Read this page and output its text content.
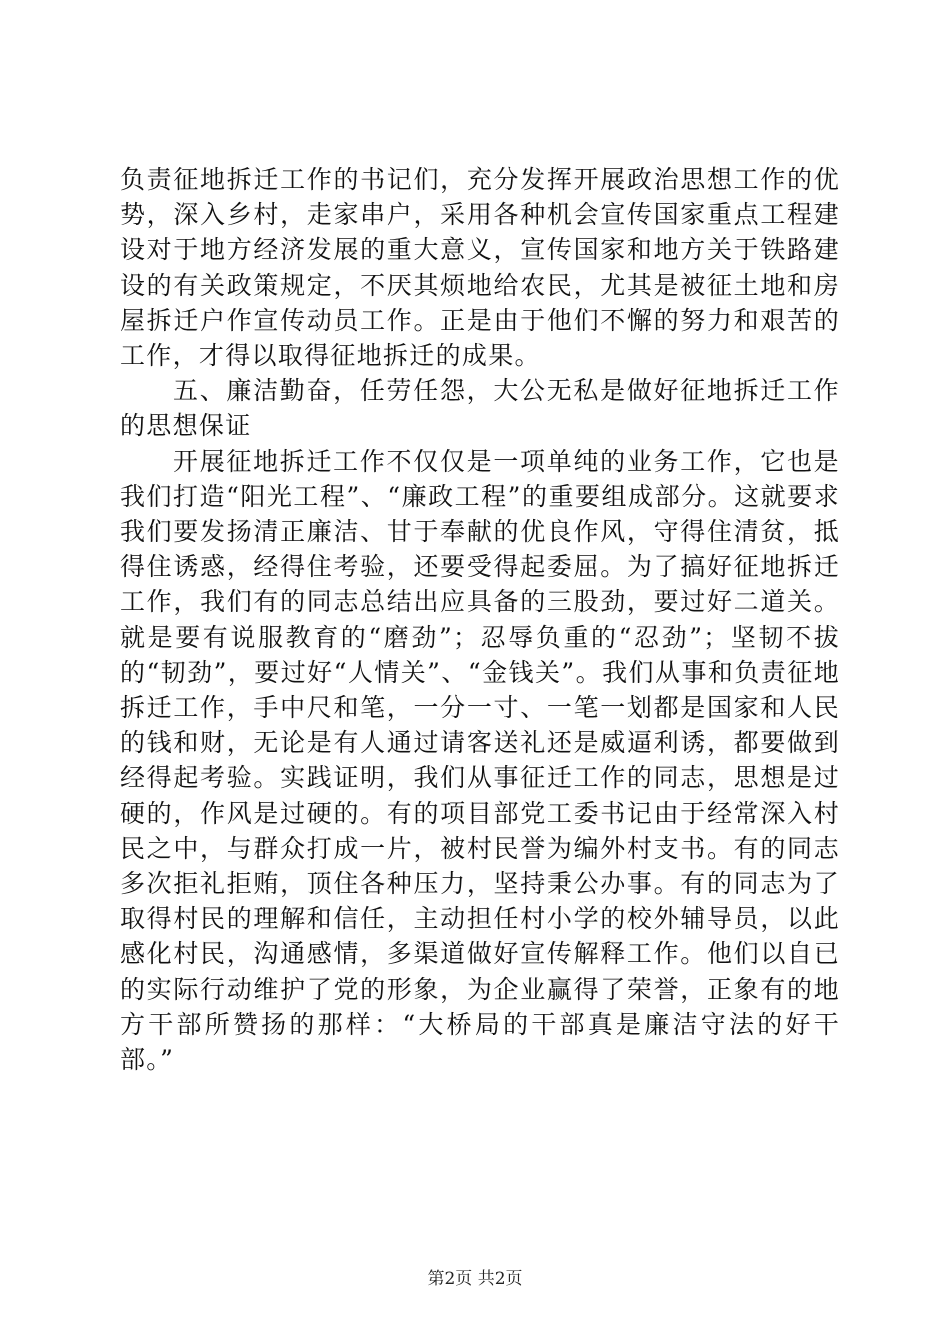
负责征地拆迁工作的书记们，充分发挥开展政治思想工作的优势，深入乡村，走家串户，采用各种机会宣传国家重点工程建设对于地方经济发展的重大意义，宣传国家和地方关于铁路建设的有关政策规定，不厌其烦地给农民，尤其是被征土地和房屋拆迁户作宣传动员工作。正是由于他们不懈的努力和艰苦的工作，才得以取得征地拆迁的成果。

五、廉洁勤奋，任劳任怨，大公无私是做好征地拆迁工作的思想保证

开展征地拆迁工作不仅仅是一项单纯的业务工作，它也是我们打造“阳光工程”、“廉政工程”的重要组成部分。这就要求我们要发扬清正廉洁、甘于奉献的优良作风，守得住清贫，抵得住诱惑，经得住考验，还要受得起委屈。为了搞好征地拆迁工作，我们有的同志总结出应具备的三股劲，要过好二道关。就是要有说服教育的“磨劲”；忍辱负重的“忍劲”；坚韧不拔的“韧劲”，要过好“人情关”、“金钱关”。我们从事和负责征地拆迁工作，手中尺和笔，一分一寸、一笔一划都是国家和人民的钱和财，无论是有人通过请客送礼还是威逼利诱，都要做到经得起考验。实践证明，我们从事征迁工作的同志，思想是过硬的，作风是过硬的。有的项目部党工委书记由于经常深入村民之中，与群众打成一片，被村民誉为编外村支书。有的同志多次拒礼拒贿，顶住各种压力，坚持秉公办事。有的同志为了取得村民的理解和信任，主动担任村小学的校外辅导员，以此感化村民，沟通感情，多渠道做好宣传解释工作。他们以自已的实际行动维护了党的形象，为企业赢得了荣誉，正象有的地方干部所赞扬的那样：“大桥局的干部真是廉洁守法的好干部。”

第2页 共2页
